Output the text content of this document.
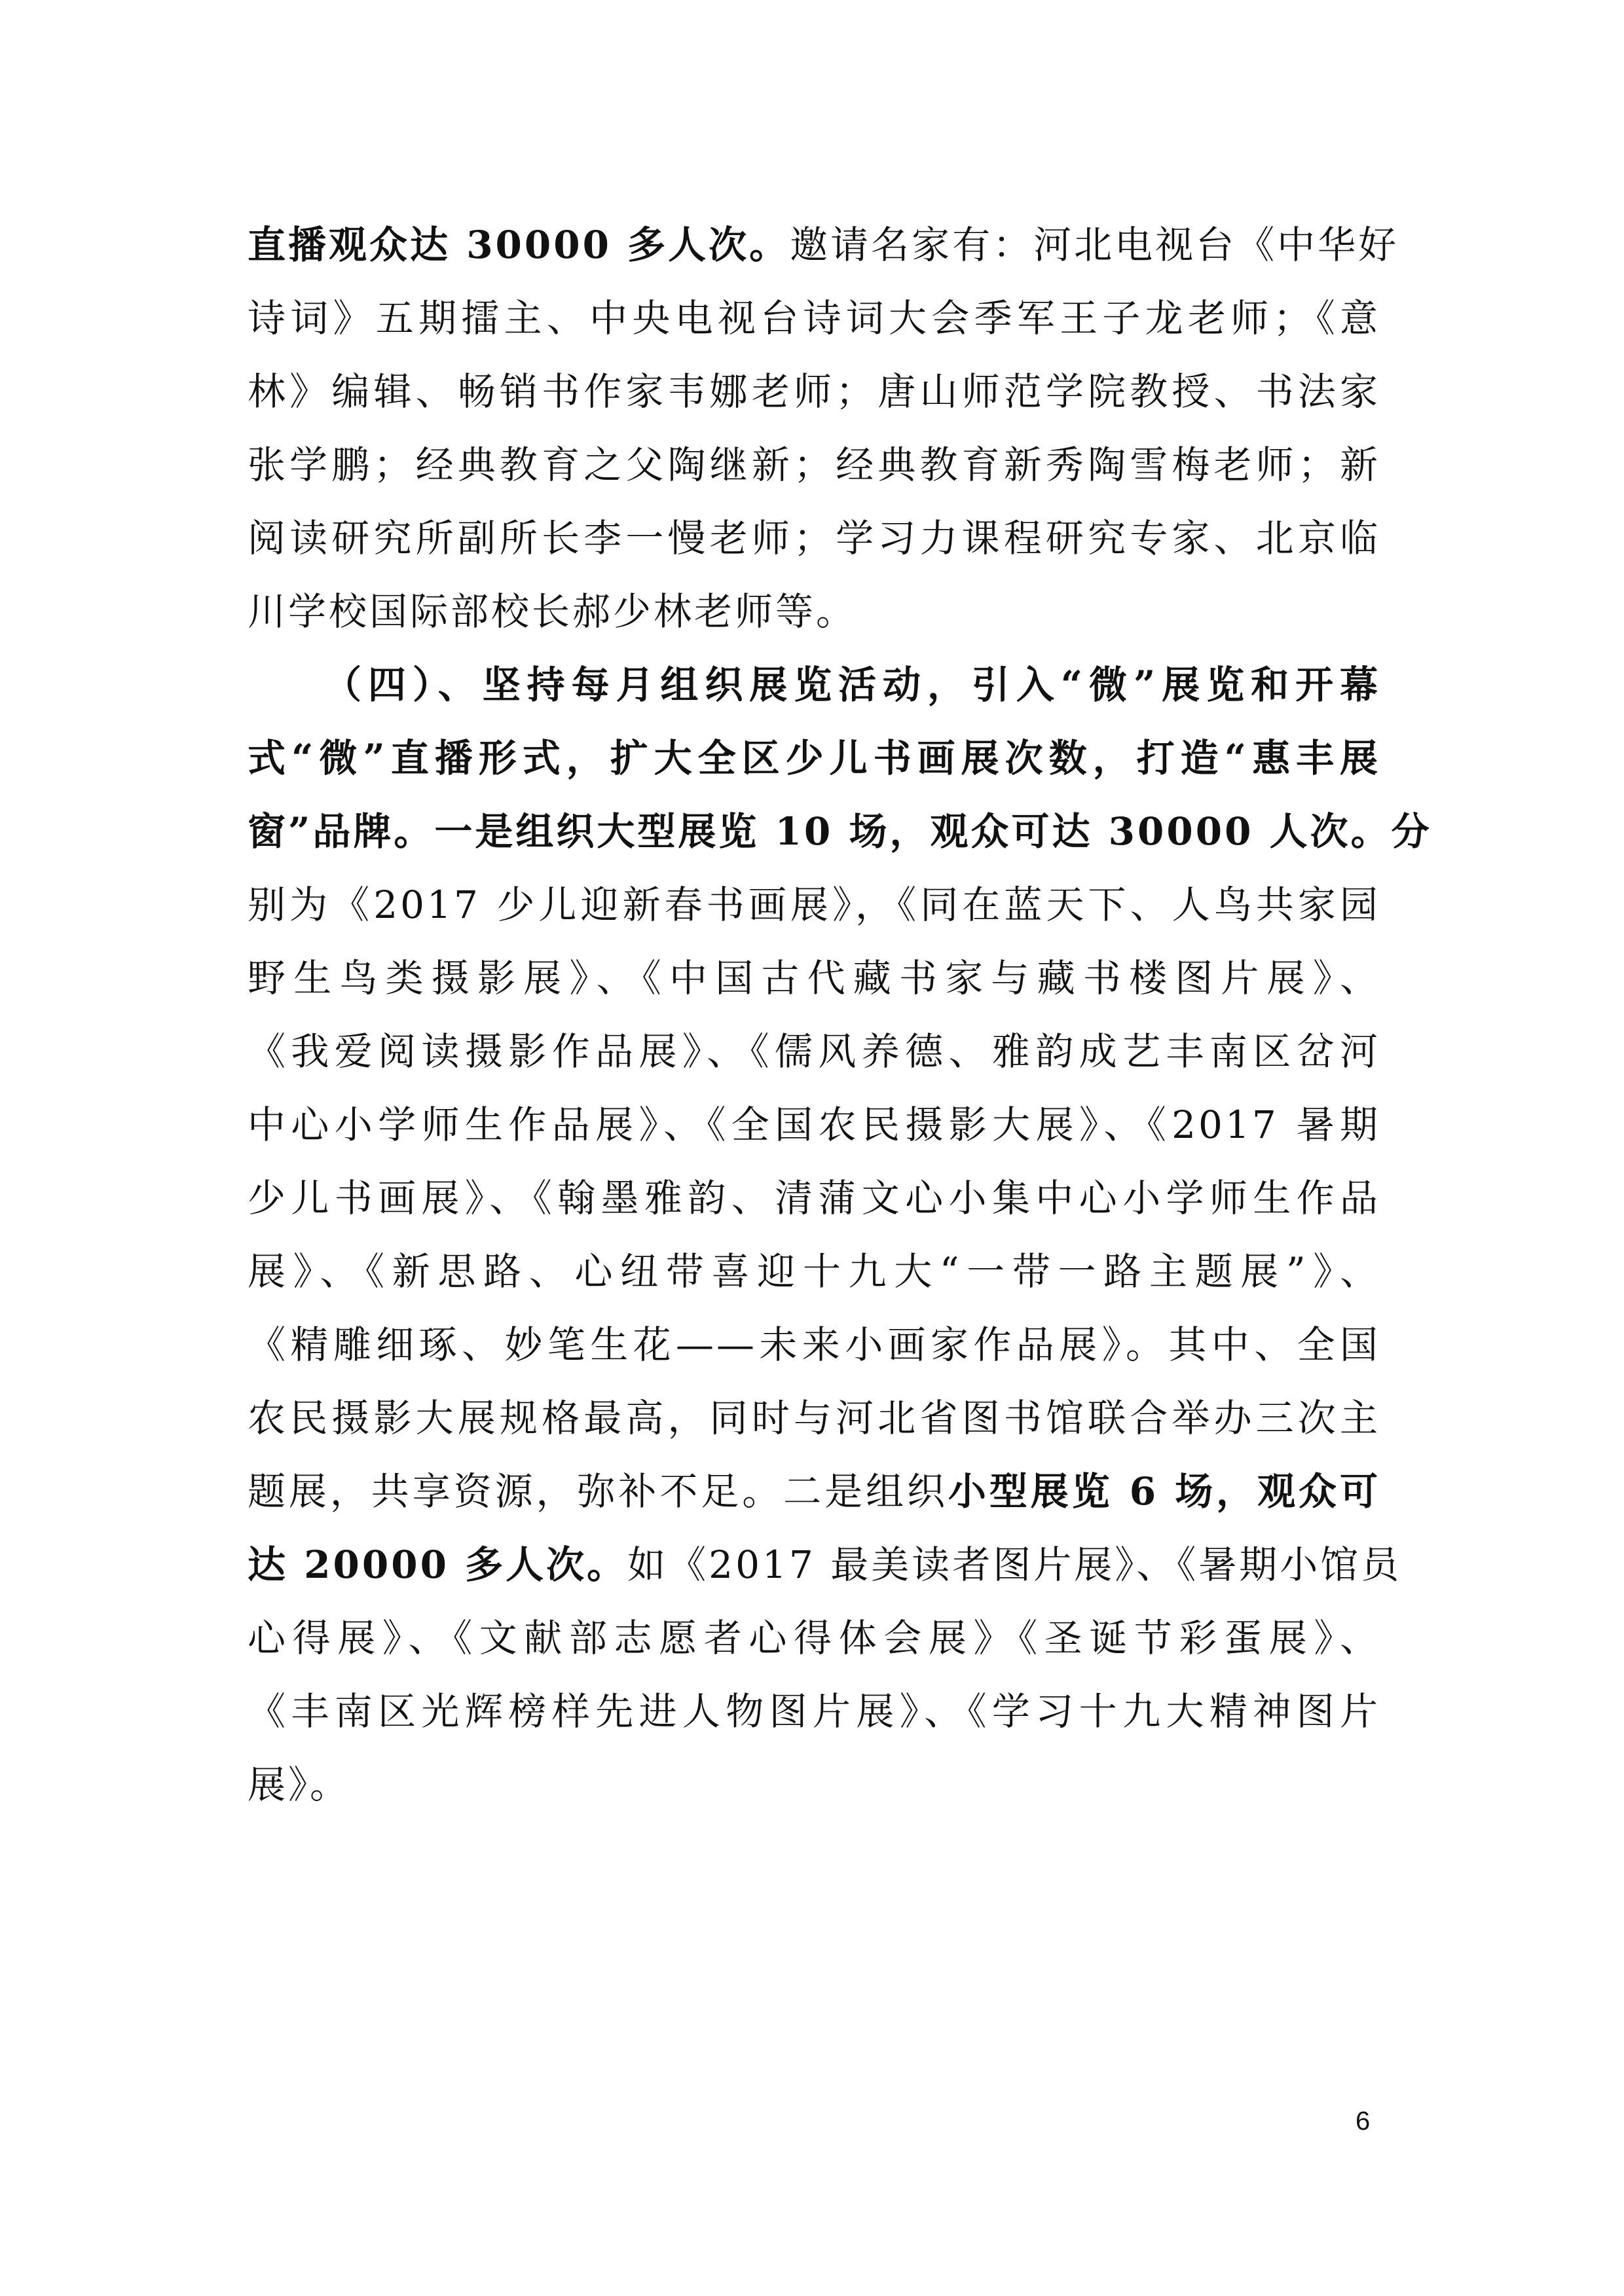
直播观众达 30000 多人次。邀请名家有：河北电视台《中华好
诗词》五期擂主、中央电视台诗词大会季军王子龙老师；《意
林》编辑、畅销书作家韦娜老师；唐山师范学院教授、书法家
张学鹏；经典教育之父陶继新；经典教育新秀陶雪梅老师；新
阅读研究所副所长李一慢老师；学习力课程研究专家、北京临
川学校国际部校长郝少林老师等。
（四）、坚持每月组织展览活动，引入“微”展览和开幕
式“微”直播形式，扩大全区少儿书画展次数，打造“惠丰展
窗”品牌。一是组织大型展览 10 场，观众可达 30000 人次。分
别为《2017 少儿迎新春书画展》，《同在蓝天下、人鸟共家园
野生鸟类摄影展》、《中国古代藏书家与藏书楼图片展》、
《我爱阅读摄影作品展》、《儒风养德、雅韵成艺丰南区岔河
中心小学师生作品展》、《全国农民摄影大展》、《2017 暑期
少儿书画展》、《翰墨雅韵、清蒲文心小集中心小学师生作品
展》、《新思路、心纽带喜迎十九大“一带一路主题展”》、
《精雕细琢、妙笔生花——未来小画家作品展》。其中、全国
农民摄影大展规格最高，同时与河北省图书馆联合举办三次主
题展，共享资源，弥补不足。二是组织小型展览 6 场，观众可
达 20000 多人次。如《2017 最美读者图片展》、《暑期小馆员
心得展》、《文献部志愿者心得体会展》《圣诞节彩蛋展》、
《丰南区光辉榜样先进人物图片展》、《学习十九大精神图片
展》。
6
